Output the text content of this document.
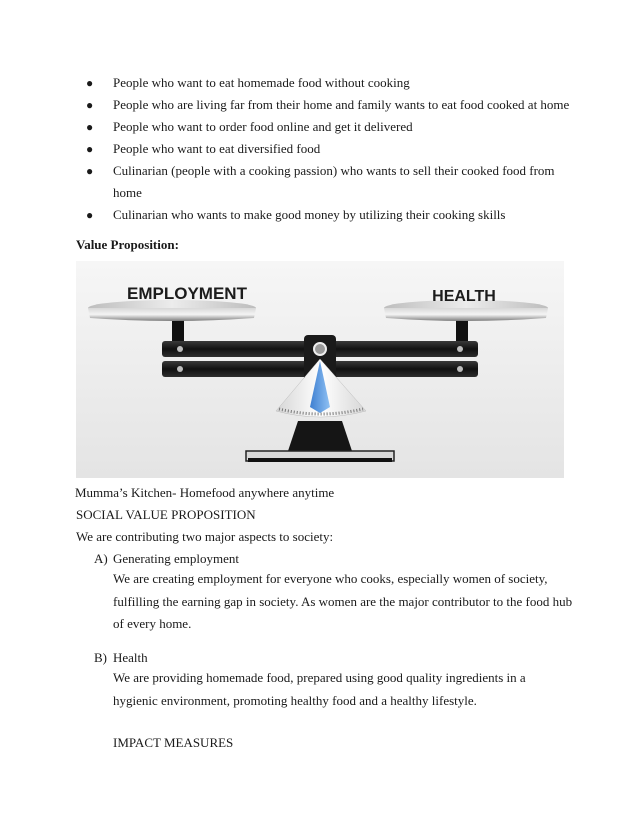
● People who want to eat homemade food without cooking
● People who are living far from their home and family wants to eat food cooked at home
● People who want to order food online and get it delivered
● People who want to eat diversified food
● Culinarian (people with a cooking passion) who wants to sell their cooked food from home
● Culinarian who wants to make good money by utilizing their cooking skills
Value Proposition:
EMPLOYMENT	HEALTH
Mumma’s Kitchen- Homefood anywhere anytime
SOCIAL VALUE PROPOSITION
We are contributing two major aspects to society:
A) Generating employment
We are creating employment for everyone who cooks, especially women of society, fulfilling the earning gap in society. As women are the major contributor to the food hub of every home.
B) Health
We are providing homemade food, prepared using good quality ingredients in a hygienic environment, promoting healthy food and a healthy lifestyle.
IMPACT MEASURES
